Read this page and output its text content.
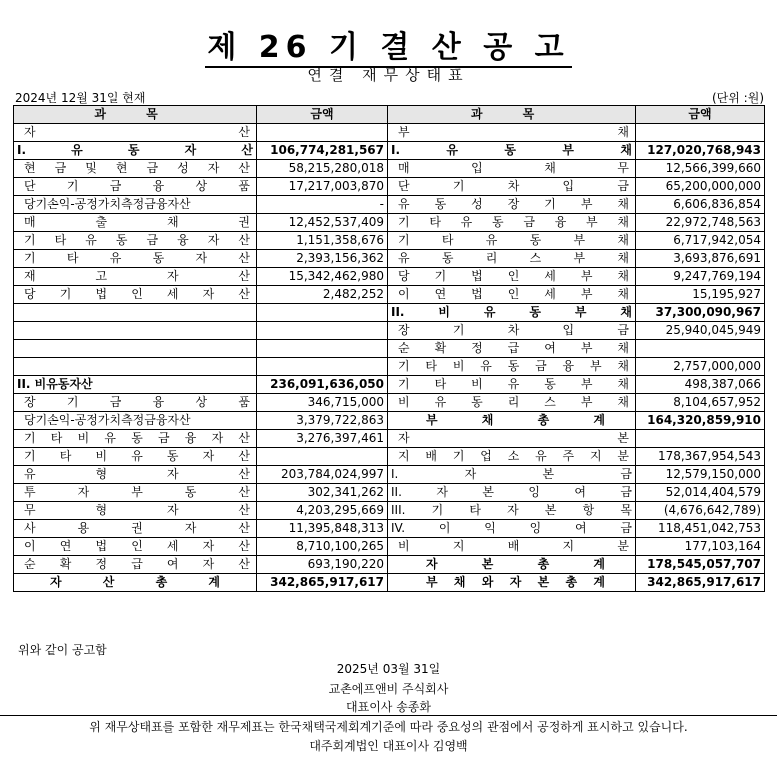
제 26 기 결 산 공 고
연결 재무상태표
2024년 12월 31일 현재	(단위 :원)
과 목	금액	과 목	금액
자 산		부 채	
I. 유 동 자 산	106,774,281,567	I. 유 동 부 채	127,020,768,943
현 금 및 현 금 성 자 산	58,215,280,018	매 입 채 무	12,566,399,660
단 기 금 융 상 품	17,217,003,870	단 기 차 입 금	65,200,000,000
당기손익-공정가치측정금융자산	-	유 동 성 장 기 부 채	6,606,836,854
매 출 채 권	12,452,537,409	기 타 유 동 금 융 부 채	22,972,748,563
기 타 유 동 금 융 자 산	1,151,358,676	기 타 유 동 부 채	6,717,942,054
기 타 유 동 자 산	2,393,156,362	유 동 리 스 부 채	3,693,876,691
재 고 자 산	15,342,462,980	당 기 법 인 세 부 채	9,247,769,194
당 기 법 인 세 자 산	2,482,252	이 연 법 인 세 부 채	15,195,927
		II. 비 유 동 부 채	37,300,090,967
		장 기 차 입 금	25,940,045,949
		순 확 정 급 여 부 채	
		기 타 비 유 동 금 융 부 채	2,757,000,000
II. 비유동자산	236,091,636,050	기 타 비 유 동 부 채	498,387,066
장 기 금 융 상 품	346,715,000	비 유 동 리 스 부 채	8,104,657,952
당기손익-공정가치측정금융자산	3,379,722,863	부 채 총 계	164,320,859,910
기 타 비 유 동 금 융 자 산	3,276,397,461	자 본	
기 타 비 유 동 자 산		지 배 기 업 소 유 주 지 분	178,367,954,543
유 형 자 산	203,784,024,997	I. 자 본 금	12,579,150,000
투 자 부 동 산	302,341,262	II. 자 본 잉 여 금	52,014,404,579
무 형 자 산	4,203,295,669	III. 기 타 자 본 항 목	(4,676,642,789)
사 용 권 자 산	11,395,848,313	IV. 이 익 잉 여 금	118,451,042,753
이 연 법 인 세 자 산	8,710,100,265	비 지 배 지 분	177,103,164
순 확 정 급 여 자 산	693,190,220	자 본 총 계	178,545,057,707
자 산 총 계	342,865,917,617	부 채 와 자 본 총 계	342,865,917,617
위와 같이 공고함
2025년 03월 31일
교촌에프앤비 주식회사
대표이사 송종화
위 재무상태표를 포함한 재무제표는 한국채택국제회계기준에 따라 중요성의 관점에서 공정하게 표시하고 있습니다.
대주회계법인 대표이사 김영백
